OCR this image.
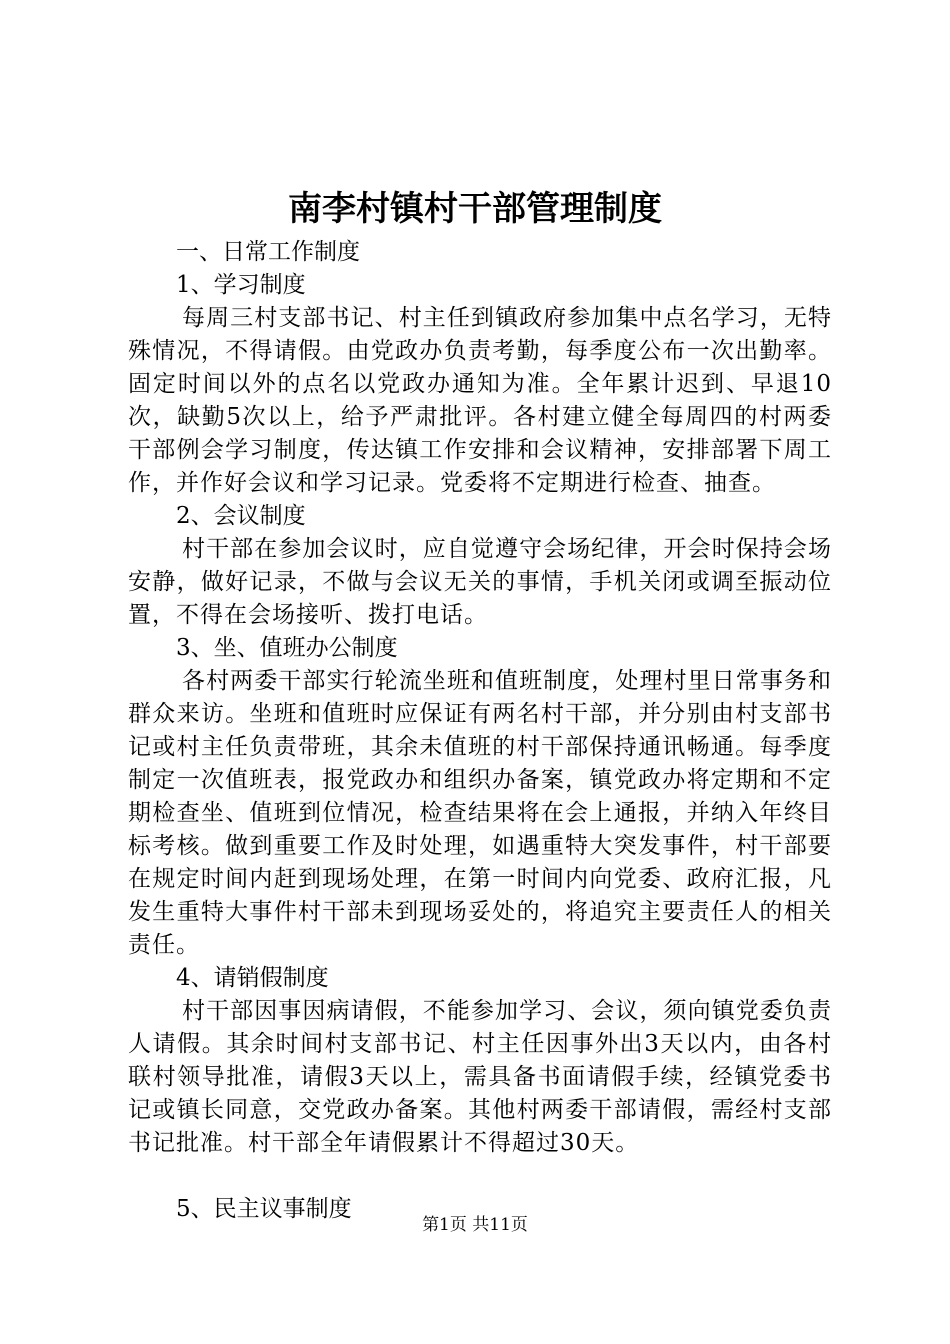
南李村镇村干部管理制度

一、日常工作制度

1、学习制度

每周三村支部书记、村主任到镇政府参加集中点名学习，无特殊情况，不得请假。由党政办负责考勤，每季度公布一次出勤率。固定时间以外的点名以党政办通知为准。全年累计迟到、早退10次，缺勤5次以上，给予严肃批评。各村建立健全每周四的村两委干部例会学习制度，传达镇工作安排和会议精神，安排部署下周工作，并作好会议和学习记录。党委将不定期进行检查、抽查。

2、会议制度

村干部在参加会议时，应自觉遵守会场纪律，开会时保持会场安静，做好记录，不做与会议无关的事情，手机关闭或调至振动位置，不得在会场接听、拨打电话。

3、坐、值班办公制度

各村两委干部实行轮流坐班和值班制度，处理村里日常事务和群众来访。坐班和值班时应保证有两名村干部，并分别由村支部书记或村主任负责带班，其余未值班的村干部保持通讯畅通。每季度制定一次值班表，报党政办和组织办备案，镇党政办将定期和不定期检查坐、值班到位情况，检查结果将在会上通报，并纳入年终目标考核。做到重要工作及时处理，如遇重特大突发事件，村干部要在规定时间内赶到现场处理，在第一时间内向党委、政府汇报，凡发生重特大事件村干部未到现场妥处的，将追究主要责任人的相关责任。

4、请销假制度

村干部因事因病请假，不能参加学习、会议，须向镇党委负责人请假。其余时间村支部书记、村主任因事外出3天以内，由各村联村领导批准，请假3天以上，需具备书面请假手续，经镇党委书记或镇长同意，交党政办备案。其他村两委干部请假，需经村支部书记批准。村干部全年请假累计不得超过30天。

5、民主议事制度

第1页 共11页
